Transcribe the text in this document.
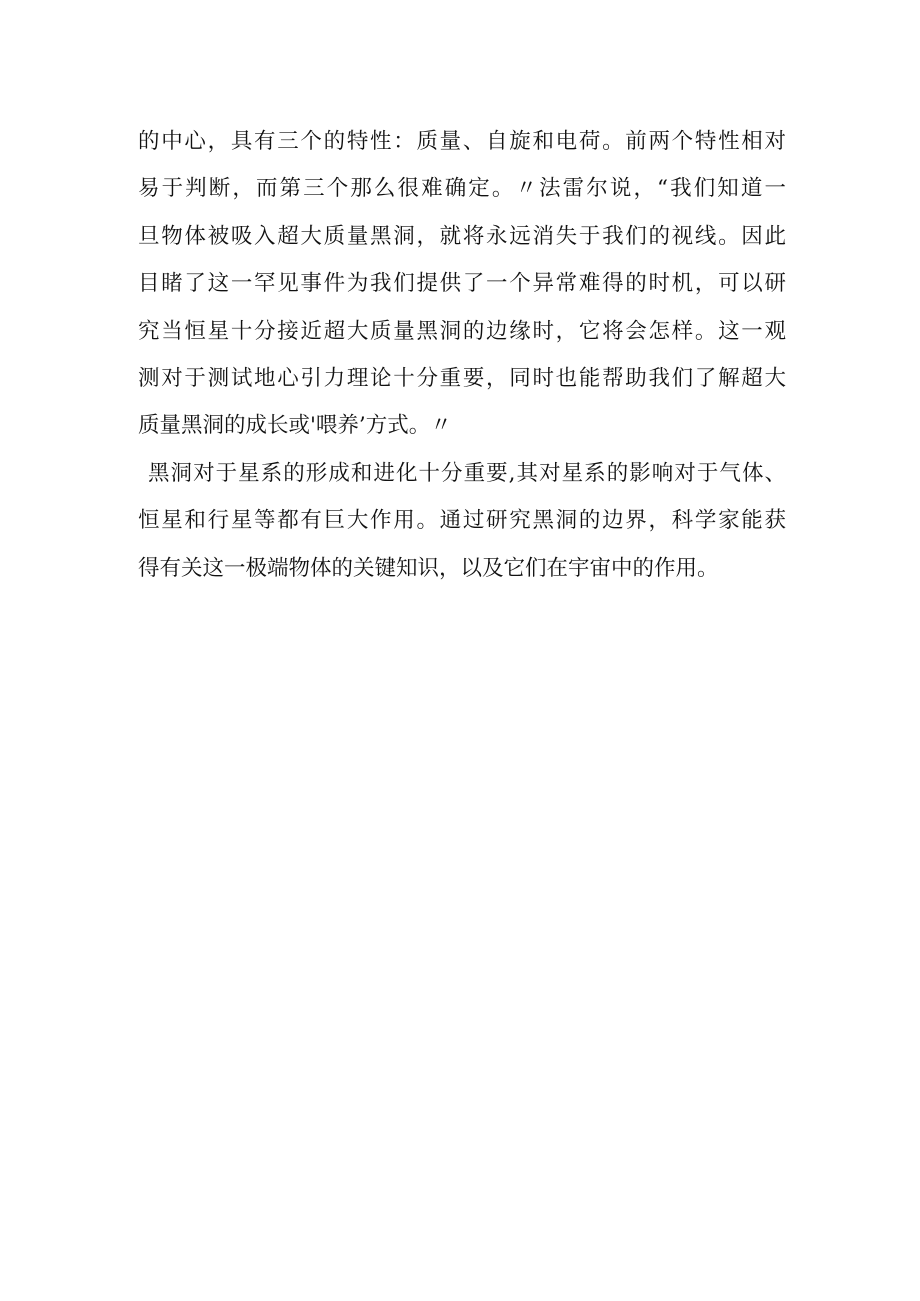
的中心，具有三个的特性：质量、自旋和电荷。前两个特性相对
易于判断，而第三个那么很难确定。〃法雷尔说，“我们知道一
旦物体被吸入超大质量黑洞，就将永远消失于我们的视线。因此
目睹了这一罕见事件为我们提供了一个异常难得的时机，可以研
究当恒星十分接近超大质量黑洞的边缘时，它将会怎样。这一观
测对于测试地心引力理论十分重要，同时也能帮助我们了解超大
质量黑洞的成长或'喂养’方式。〃
黑洞对于星系的形成和进化十分重要,其对星系的影响对于气体、
恒星和行星等都有巨大作用。通过研究黑洞的边界，科学家能获
得有关这一极端物体的关键知识，以及它们在宇宙中的作用。
